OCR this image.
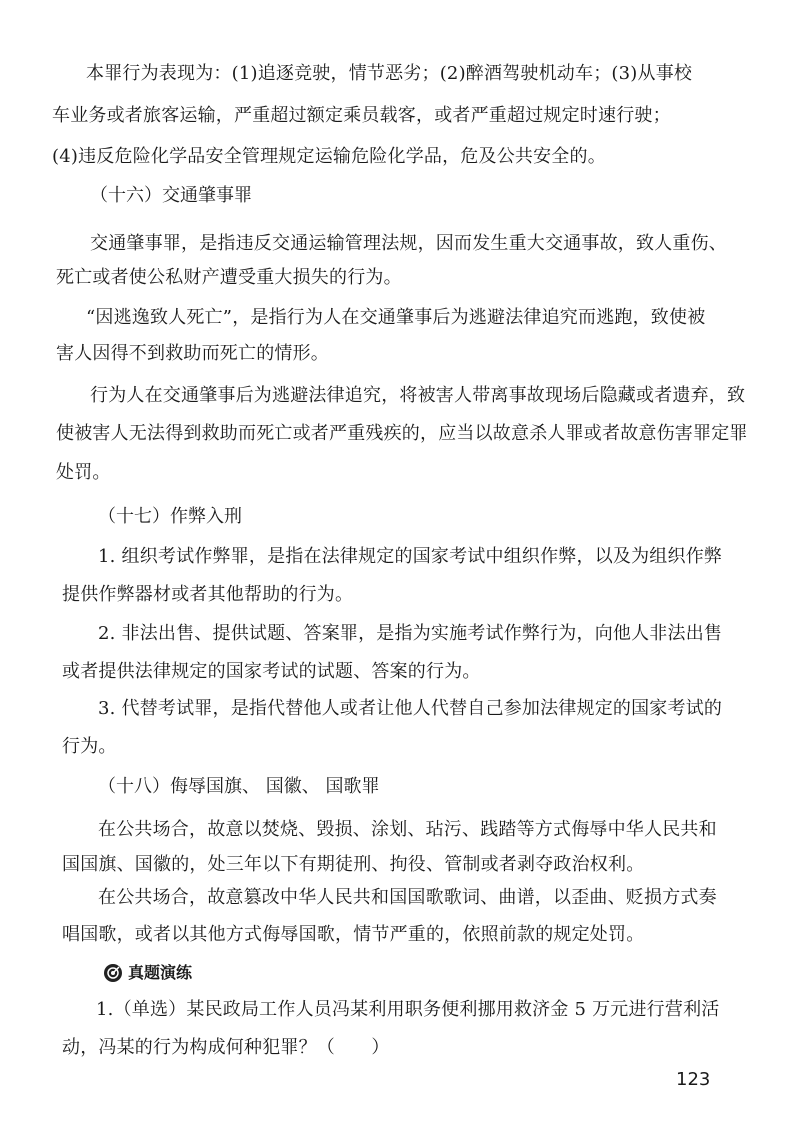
本罪行为表现为：(1)追逐竞驶，情节恶劣；(2)醉酒驾驶机动车；(3)从事校
车业务或者旅客运输，严重超过额定乘员载客，或者严重超过规定时速行驶；
(4)违反危险化学品安全管理规定运输危险化学品，危及公共安全的。
（十六）交通肇事罪
交通肇事罪，是指违反交通运输管理法规，因而发生重大交通事故，致人重伤、
死亡或者使公私财产遭受重大损失的行为。
“因逃逸致人死亡”，是指行为人在交通肇事后为逃避法律追究而逃跑，致使被
害人因得不到救助而死亡的情形。
行为人在交通肇事后为逃避法律追究，将被害人带离事故现场后隐藏或者遗弃，致
使被害人无法得到救助而死亡或者严重残疾的，应当以故意杀人罪或者故意伤害罪定罪
处罚。
（十七）作弊入刑
1. 组织考试作弊罪，是指在法律规定的国家考试中组织作弊，以及为组织作弊
提供作弊器材或者其他帮助的行为。
2. 非法出售、提供试题、答案罪，是指为实施考试作弊行为，向他人非法出售
或者提供法律规定的国家考试的试题、答案的行为。
3. 代替考试罪，是指代替他人或者让他人代替自己参加法律规定的国家考试的
行为。
（十八）侮辱国旗、 国徽、 国歌罪
在公共场合，故意以焚烧、毁损、涂划、玷污、践踏等方式侮辱中华人民共和
国国旗、国徽的，处三年以下有期徒刑、拘役、管制或者剥夺政治权利。
在公共场合，故意篡改中华人民共和国国歌歌词、曲谱，以歪曲、贬损方式奏
唱国歌，或者以其他方式侮辱国歌，情节严重的，依照前款的规定处罚。
真题演练
1.（单选）某民政局工作人员冯某利用职务便利挪用救济金 5 万元进行营利活
动，冯某的行为构成何种犯罪？（　　）
123
